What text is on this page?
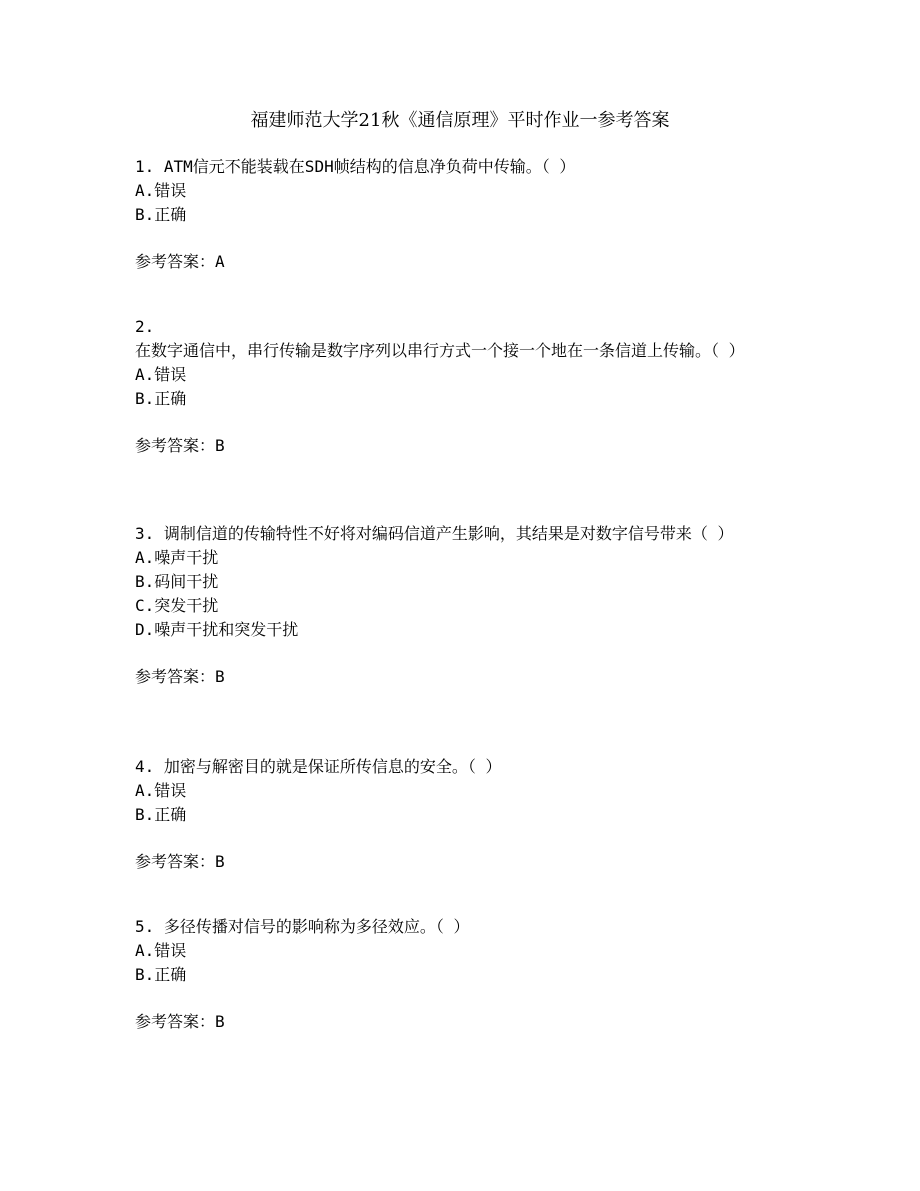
福建师范大学21秋《通信原理》平时作业一参考答案
1. ATM信元不能装载在SDH帧结构的信息净负荷中传输。（ ）
A.错误
B.正确
参考答案：A
2.
在数字通信中，串行传输是数字序列以串行方式一个接一个地在一条信道上传输。（ ）
A.错误
B.正确
参考答案：B
3. 调制信道的传输特性不好将对编码信道产生影响，其结果是对数字信号带来（ ）
A.噪声干扰
B.码间干扰
C.突发干扰
D.噪声干扰和突发干扰
参考答案：B
4. 加密与解密目的就是保证所传信息的安全。（ ）
A.错误
B.正确
参考答案：B
5. 多径传播对信号的影响称为多径效应。（ ）
A.错误
B.正确
参考答案：B
